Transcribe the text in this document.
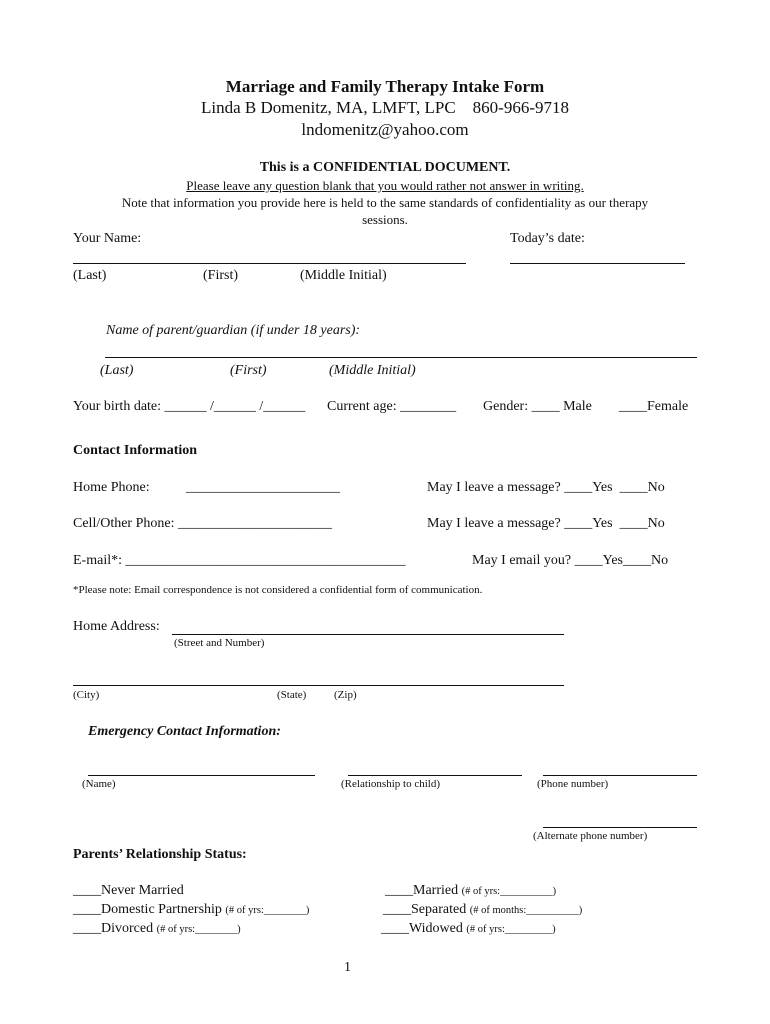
Marriage and Family Therapy Intake Form
Linda B Domenitz, MA, LMFT, LPC    860-966-9718
lndomenitz@yahoo.com
This is a CONFIDENTIAL DOCUMENT.
Please leave any question blank that you would rather not answer in writing.
Note that information you provide here is held to the same standards of confidentiality as our therapy
sessions.
Your Name:	Today’s date:
(Last)	(First)	(Middle Initial)
Name of parent/guardian (if under 18 years):
(Last)	(First)	(Middle Initial)
Your birth date: ______ /______ /______ Current age: ________ Gender: ____ Male ____Female
Contact Information
Home Phone:	______________________	May I leave a message? ____Yes  ____No
Cell/Other Phone: ______________________	May I leave a message? ____Yes  ____No
E-mail*: ________________________________________	May I email you? ____Yes____No
*Please note: Email correspondence is not considered a confidential form of communication.
Home Address:
(Street and Number)
(City)	(State)	(Zip)
Emergency Contact Information:
(Name)	(Relationship to child)	(Phone number)
(Alternate phone number)
Parents’ Relationship Status:
____Never Married
____Domestic Partnership (# of yrs:________)
____Divorced (# of yrs:________)
____Married (# of yrs:__________)
____Separated (# of months:__________)
____Widowed (# of yrs:_________)
1
